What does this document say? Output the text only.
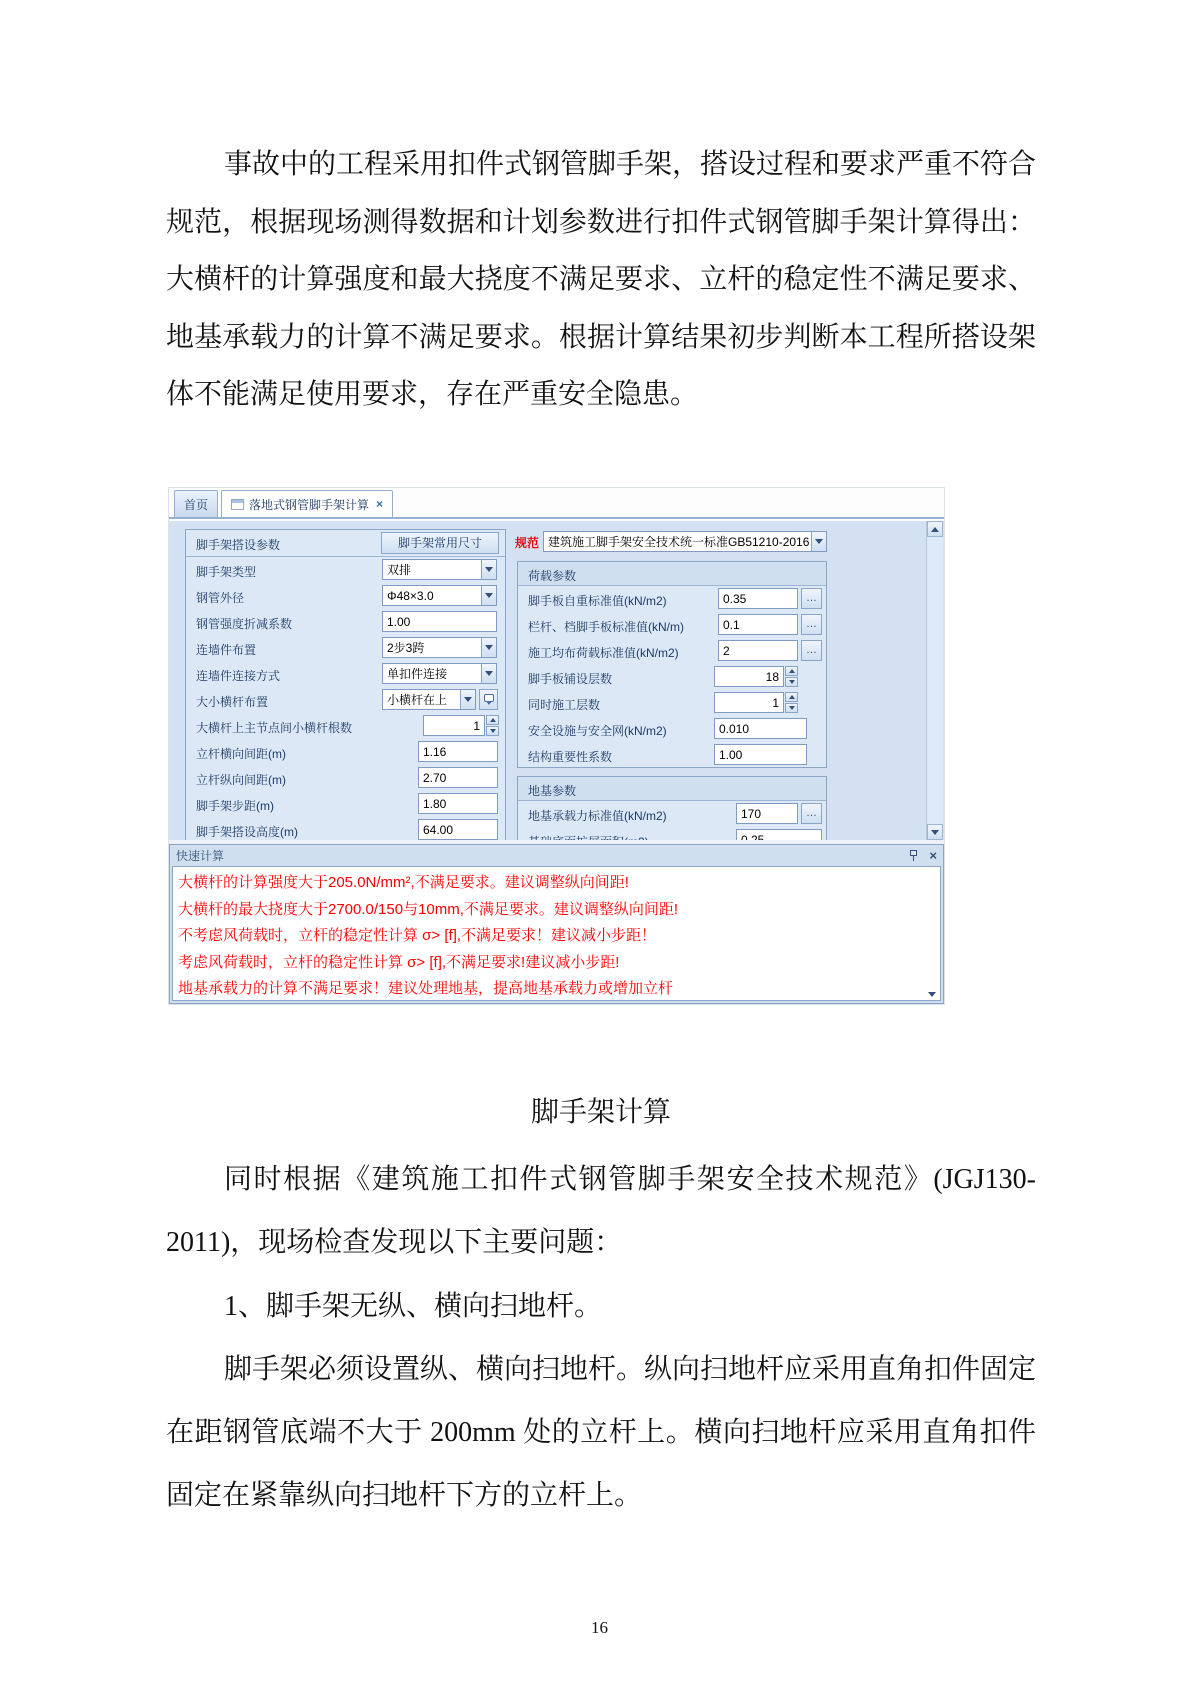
事故中的工程采用扣件式钢管脚手架，搭设过程和要求严重不符合规范，根据现场测得数据和计划参数进行扣件式钢管脚手架计算得出：大横杆的计算强度和最大挠度不满足要求、立杆的稳定性不满足要求、地基承载力的计算不满足要求。根据计算结果初步判断本工程所搭设架体不能满足使用要求，存在严重安全隐患。
首页	落地式钢管脚手架计算 ×
脚手架搭设参数	脚手架常用尺寸
脚手架类型	双排
钢管外径	Φ48×3.0
钢管强度折减系数	1.00
连墙件布置	2步3跨
连墙件连接方式	单扣件连接
大小横杆布置	小横杆在上
大横杆上主节点间小横杆根数	1
立杆横向间距(m)	1.16
立杆纵向间距(m)	2.70
脚手架步距(m)	1.80
脚手架搭设高度(m)	64.00
规范 建筑施工脚手架安全技术统一标准GB51210-2016
荷载参数
脚手板自重标准值(kN/m2)	0.35	…
栏杆、档脚手板标准值(kN/m)	0.1	…
施工均布荷载标准值(kN/m2)	2	…
脚手板铺设层数	18
同时施工层数	1
安全设施与安全网(kN/m2)	0.010
结构重要性系数	1.00
地基参数
地基承载力标准值(kN/m2)	170	…
快速计算	×
大横杆的计算强度大于205.0N/mm²,不满足要求。建议调整纵向间距!
大横杆的最大挠度大于2700.0/150与10mm,不满足要求。建议调整纵向间距!
不考虑风荷载时，立杆的稳定性计算 σ> [f],不满足要求！建议减小步距！
考虑风荷载时，立杆的稳定性计算 σ> [f],不满足要求!建议减小步距!
地基承载力的计算不满足要求！建议处理地基，提高地基承载力或增加立杆
脚手架计算
同时根据《建筑施工扣件式钢管脚手架安全技术规范》(JGJ130-2011)，现场检查发现以下主要问题：
1、脚手架无纵、横向扫地杆。
脚手架必须设置纵、横向扫地杆。纵向扫地杆应采用直角扣件固定在距钢管底端不大于 200mm 处的立杆上。横向扫地杆应采用直角扣件固定在紧靠纵向扫地杆下方的立杆上。
16
